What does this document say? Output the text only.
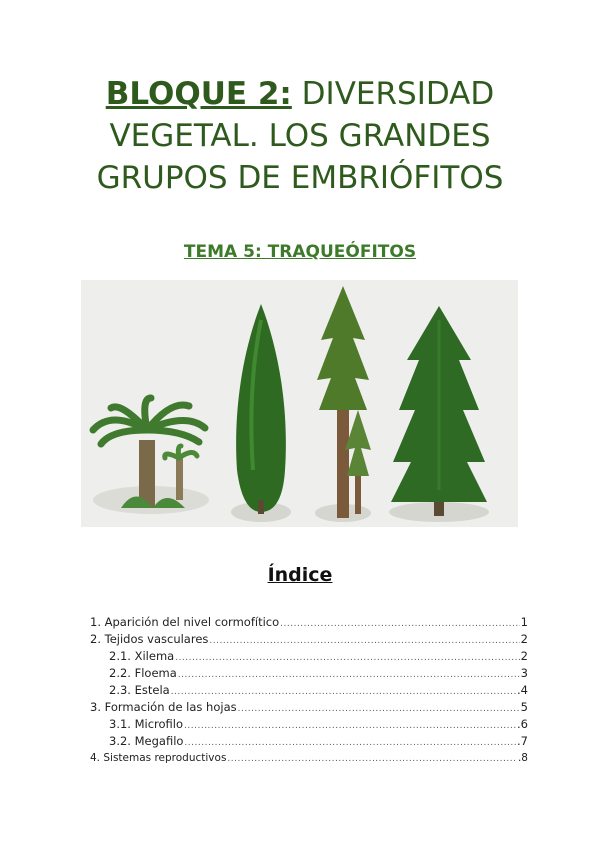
BLOQUE 2: DIVERSIDAD
VEGETAL. LOS GRANDES
GRUPOS DE EMBRIÓFITOS
TEMA 5: TRAQUEÓFITOS
Índice
1. Aparición del nivel cormofítico .....	1
2. Tejidos vasculares .....	2
2.1. Xilema .....	2
2.2. Floema .....	3
2.3. Estela .....	.4
3. Formación de las hojas .....	5
3.1. Microfilo .....	.6
3.2. Megafilo .....	.7
4. Sistemas reproductivos .....	.8
